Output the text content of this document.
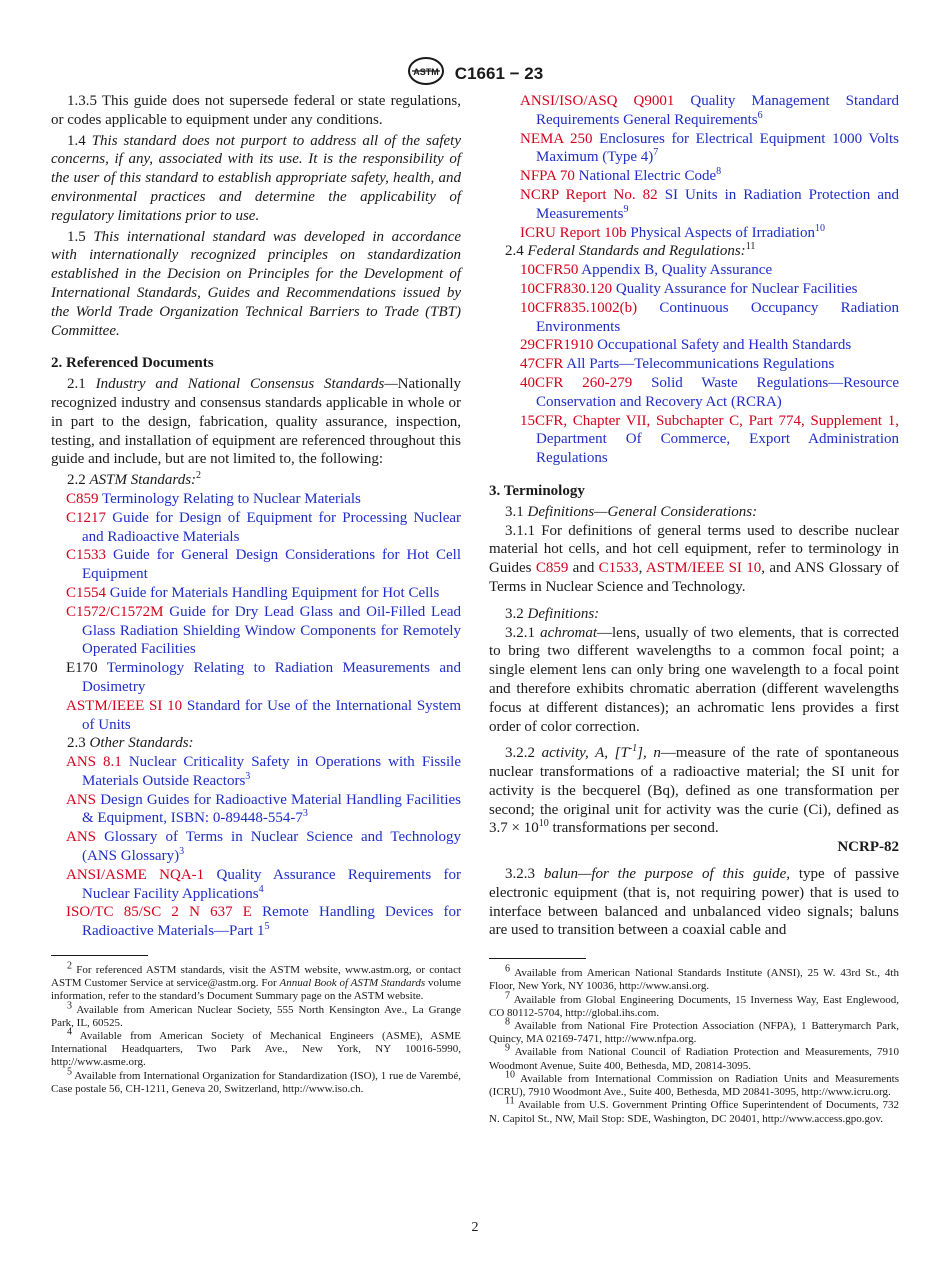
ASTM C1661 − 23

1.3.5 This guide does not supersede federal or state regulations, or codes applicable to equipment under any conditions.

1.4 This standard does not purport to address all of the safety concerns, if any, associated with its use. It is the responsibility of the user of this standard to establish appropriate safety, health, and environmental practices and determine the applicability of regulatory limitations prior to use.

1.5 This international standard was developed in accordance with internationally recognized principles on standardization established in the Decision on Principles for the Development of International Standards, Guides and Recommendations issued by the World Trade Organization Technical Barriers to Trade (TBT) Committee.

2. Referenced Documents

2.1 Industry and National Consensus Standards—Nationally recognized industry and consensus standards applicable in whole or in part to the design, fabrication, quality assurance, inspection, testing, and installation of equipment are referenced throughout this guide and include, but are not limited to, the following:

2.2 ASTM Standards:$^2$

C859 Terminology Relating to Nuclear Materials

C1217 Guide for Design of Equipment for Processing Nuclear and Radioactive Materials

C1533 Guide for General Design Considerations for Hot Cell Equipment

C1554 Guide for Materials Handling Equipment for Hot Cells

C1572/C1572M Guide for Dry Lead Glass and Oil-Filled Lead Glass Radiation Shielding Window Components for Remotely Operated Facilities

E170 Terminology Relating to Radiation Measurements and Dosimetry

ASTM/IEEE SI 10 Standard for Use of the International System of Units

2.3 Other Standards:

ANS 8.1 Nuclear Criticality Safety in Operations with Fissile Materials Outside Reactors$^3$

ANS Design Guides for Radioactive Material Handling Facilities & Equipment, ISBN: $0-89448-554-7^3$

ANS Glossary of Terms in Nuclear Science and Technology (ANS Glossary)$^3$

ANSI/ASME NQA-1 Quality Assurance Requirements for Nuclear Facility Applications$^4$

ISO/TC 85/SC 2 N 637 E Remote Handling Devices for Radioactive Materials—Part $1^5$

$^2$ For referenced ASTM standards, visit the ASTM website, www.astm.org, or contact ASTM Customer Service at service@astm.org. For Annual Book of ASTM Standards volume information, refer to the standard’s Document Summary page on the ASTM website.

$^3$ Available from American Nuclear Society, 555 North Kensington Ave., La Grange Park, IL, 60525.

$^4$ Available from American Society of Mechanical Engineers (ASME), ASME International Headquarters, Two Park Ave., New York, NY 10016-5990, http://www.asme.org.

$^5$ Available from International Organization for Standardization (ISO), 1 rue de Varembé, Case postale 56, CH-1211, Geneva 20, Switzerland, http://www.iso.ch.

ANSI/ISO/ASQ Q9001 Quality Management Standard Requirements General Requirements$^6$

NEMA 250 Enclosures for Electrical Equipment 1000 Volts Maximum (Type 4)$^7$

NFPA 70 National Electric Code$^8$

NCRP Report No. 82 SI Units in Radiation Protection and Measurements$^9$

ICRU Report 10b Physical Aspects of Irradiation$^{10}$

2.4 Federal Standards and Regulations:$^{11}$

10CFR50 Appendix B, Quality Assurance

10CFR830.120 Quality Assurance for Nuclear Facilities

10CFR835.1002(b) Continuous Occupancy Radiation Environments

29CFR1910 Occupational Safety and Health Standards

47CFR All Parts—Telecommunications Regulations

40CFR 260-279 Solid Waste Regulations—Resource Conservation and Recovery Act (RCRA)

15CFR, Chapter VII, Subchapter C, Part 774, Supplement 1, Department Of Commerce, Export Administration Regulations

3. Terminology

3.1 Definitions—General Considerations:

3.1.1 For definitions of general terms used to describe nuclear material hot cells, and hot cell equipment, refer to terminology in Guides C859 and C1533, ASTM/IEEE SI 10, and ANS Glossary of Terms in Nuclear Science and Technology.

3.2 Definitions:

3.2.1 achromat—lens, usually of two elements, that is corrected to bring two different wavelengths to a common focal point; a single element lens can only bring one wavelength to a focal point and therefore exhibits chromatic aberration (different wavelengths focus at different distances); an achromatic lens provides a first order of color correction.

3.2.2 activity, A, $[T^{-1}]$, n—measure of the rate of spontaneous nuclear transformations of a radioactive material; the SI unit for activity is the becquerel (Bq), defined as one transformation per second; the original unit for activity was the curie (Ci), defined as $3.7 \times 10^{10}$ transformations per second.

NCRP-82

3.2.3 balun—for the purpose of this guide, type of passive electronic equipment (that is, not requiring power) that is used to interface between balanced and unbalanced video signals; baluns are used to transition between a coaxial cable and

$^6$ Available from American National Standards Institute (ANSI), 25 W. 43rd St., 4th Floor, New York, NY 10036, http://www.ansi.org.

$^7$ Available from Global Engineering Documents, 15 Inverness Way, East Englewood, CO 80112-5704, http://global.ihs.com.

$^8$ Available from National Fire Protection Association (NFPA), 1 Batterymarch Park, Quincy, MA 02169-7471, http://www.nfpa.org.

$^9$ Available from National Council of Radiation Protection and Measurements, 7910 Woodmont Avenue, Suite 400, Bethesda, MD, 20814-3095.

$^{10}$ Available from International Commission on Radiation Units and Measurements (ICRU), 7910 Woodmont Ave., Suite 400, Bethesda, MD 20841-3095, http://www.icru.org.

$^{11}$ Available from U.S. Government Printing Office Superintendent of Documents, 732 N. Capitol St., NW, Mail Stop: SDE, Washington, DC 20401, http://www.access.gpo.gov.

2
